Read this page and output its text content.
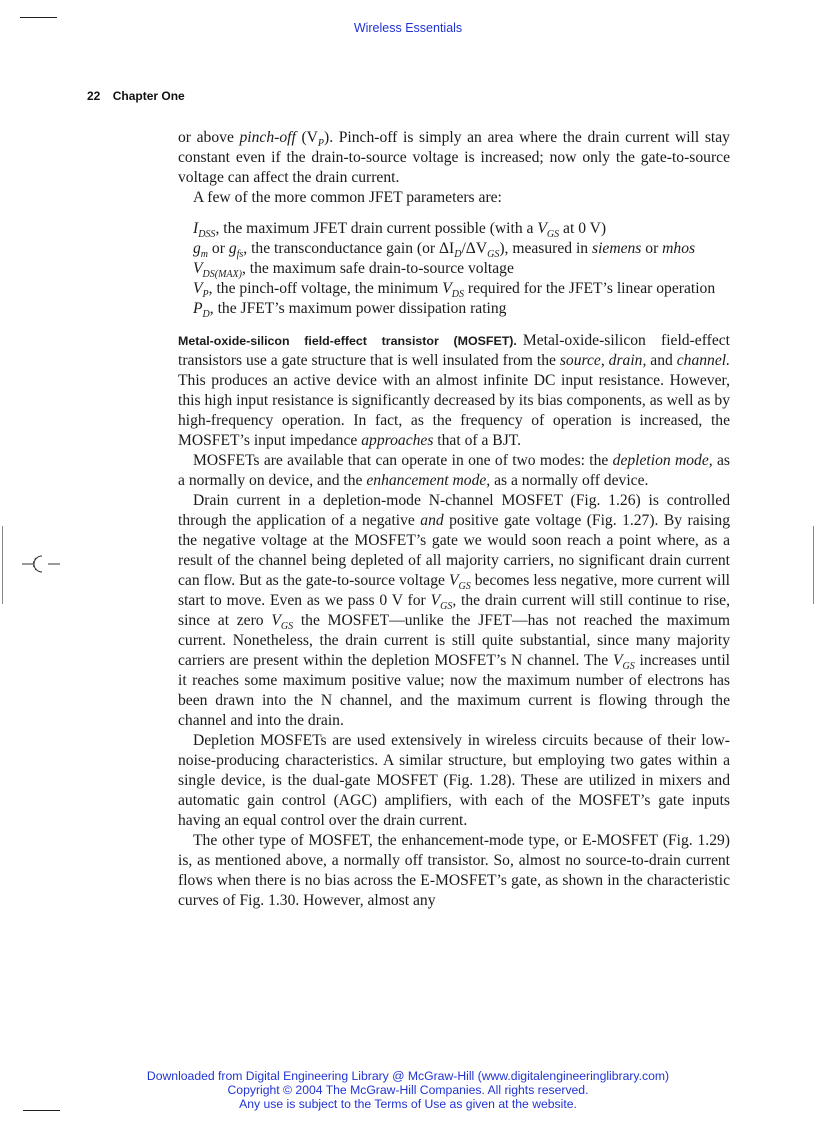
Wireless Essentials
22 Chapter One

or above pinch-off $(V_P)$. Pinch-off is simply an area where the drain current will stay constant even if the drain-to-source voltage is increased; now only the gate-to-source voltage can affect the drain current.

A few of the more common JFET parameters are:

$I_{DSS}$, the maximum JFET drain current possible (with a $V_{GS}$ at 0 V)

$g_m$ or $g_{fs}$, the transconductance gain (or $\Delta I_D/\Delta V_{GS}$), measured in siemens or mhos

$V_{DS(MAX)}$, the maximum safe drain-to-source voltage

$V_P$, the pinch-off voltage, the minimum $V_{DS}$ required for the JFET’s linear operation

$P_D$, the JFET’s maximum power dissipation rating

Metal-oxide-silicon field-effect transistor (MOSFET). Metal-oxide-silicon field-effect transistors use a gate structure that is well insulated from the source, drain, and channel. This produces an active device with an almost infinite DC input resistance. However, this high input resistance is significantly decreased by its bias components, as well as by high-frequency operation. In fact, as the frequency of operation is increased, the MOSFET’s input impedance approaches that of a BJT.

MOSFETs are available that can operate in one of two modes: the depletion mode, as a normally on device, and the enhancement mode, as a normally off device.

Drain current in a depletion-mode N-channel MOSFET (Fig. 1.26) is controlled through the application of a negative and positive gate voltage (Fig. 1.27). By raising the negative voltage at the MOSFET’s gate we would soon reach a point where, as a result of the channel being depleted of all majority carriers, no significant drain current can flow. But as the gate-to-source voltage $V_{GS}$ becomes less negative, more current will start to move. Even as we pass 0 V for $V_{GS}$, the drain current will still continue to rise, since at zero $V_{GS}$ the MOSFET—unlike the JFET—has not reached the maximum current. Nonetheless, the drain current is still quite substantial, since many majority carriers are present within the depletion MOSFET’s N channel. The $V_{GS}$ increases until it reaches some maximum positive value; now the maximum number of electrons has been drawn into the N channel, and the maximum current is flowing through the channel and into the drain.

Depletion MOSFETs are used extensively in wireless circuits because of their low-noise-producing characteristics. A similar structure, but employing two gates within a single device, is the dual-gate MOSFET (Fig. 1.28). These are utilized in mixers and automatic gain control (AGC) amplifiers, with each of the MOSFET’s gate inputs having an equal control over the drain current.

The other type of MOSFET, the enhancement-mode type, or E-MOSFET (Fig. 1.29) is, as mentioned above, a normally off transistor. So, almost no source-to-drain current flows when there is no bias across the E-MOSFET’s gate, as shown in the characteristic curves of Fig. 1.30. However, almost any

Downloaded from Digital Engineering Library @ McGraw-Hill (www.digitalengineeringlibrary.com)
Copyright © 2004 The McGraw-Hill Companies. All rights reserved.
Any use is subject to the Terms of Use as given at the website.
